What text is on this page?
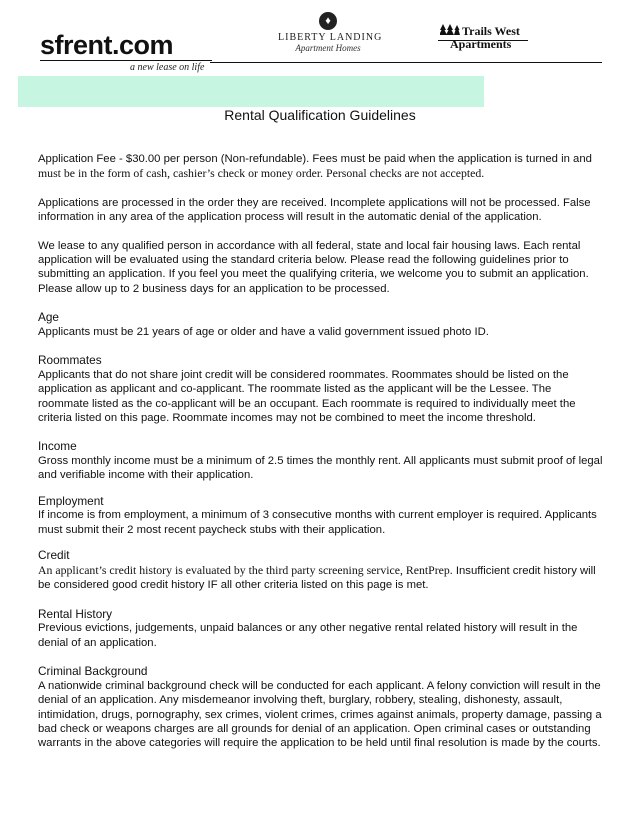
sfrent.com
a new lease on life
♦
LIBERTY LANDING
Apartment Homes
Trails West
Apartments
Rental Qualification Guidelines

Application Fee - $30.00 per person (Non-refundable). Fees must be paid when the application is turned in and must be in the form of cash, cashier’s check or money order. Personal checks are not accepted.

Applications are processed in the order they are received. Incomplete applications will not be processed. False information in any area of the application process will result in the automatic denial of the application.

We lease to any qualified person in accordance with all federal, state and local fair housing laws. Each rental application will be evaluated using the standard criteria below. Please read the following guidelines prior to submitting an application. If you feel you meet the qualifying criteria, we welcome you to submit an application. Please allow up to 2 business days for an application to be processed.

Age

Applicants must be 21 years of age or older and have a valid government issued photo ID.

Roommates

Applicants that do not share joint credit will be considered roommates. Roommates should be listed on the application as applicant and co-applicant. The roommate listed as the applicant will be the Lessee. The roommate listed as the co-applicant will be an occupant. Each roommate is required to individually meet the criteria listed on this page. Roommate incomes may not be combined to meet the income threshold.

Income

Gross monthly income must be a minimum of 2.5 times the monthly rent. All applicants must submit proof of legal and verifiable income with their application.

Employment

If income is from employment, a minimum of 3 consecutive months with current employer is required. Applicants must submit their 2 most recent paycheck stubs with their application.

Credit

An applicant’s credit history is evaluated by the third party screening service, RentPrep. Insufficient credit history will be considered good credit history IF all other criteria listed on this page is met.

Rental History

Previous evictions, judgements, unpaid balances or any other negative rental related history will result in the denial of an application.

Criminal Background

A nationwide criminal background check will be conducted for each applicant. A felony conviction will result in the denial of an application. Any misdemeanor involving theft, burglary, robbery, stealing, dishonesty, assault, intimidation, drugs, pornography, sex crimes, violent crimes, crimes against animals, property damage, passing a bad check or weapons charges are all grounds for denial of an application. Open criminal cases or outstanding warrants in the above categories will require the application to be held until final resolution is made by the courts.
